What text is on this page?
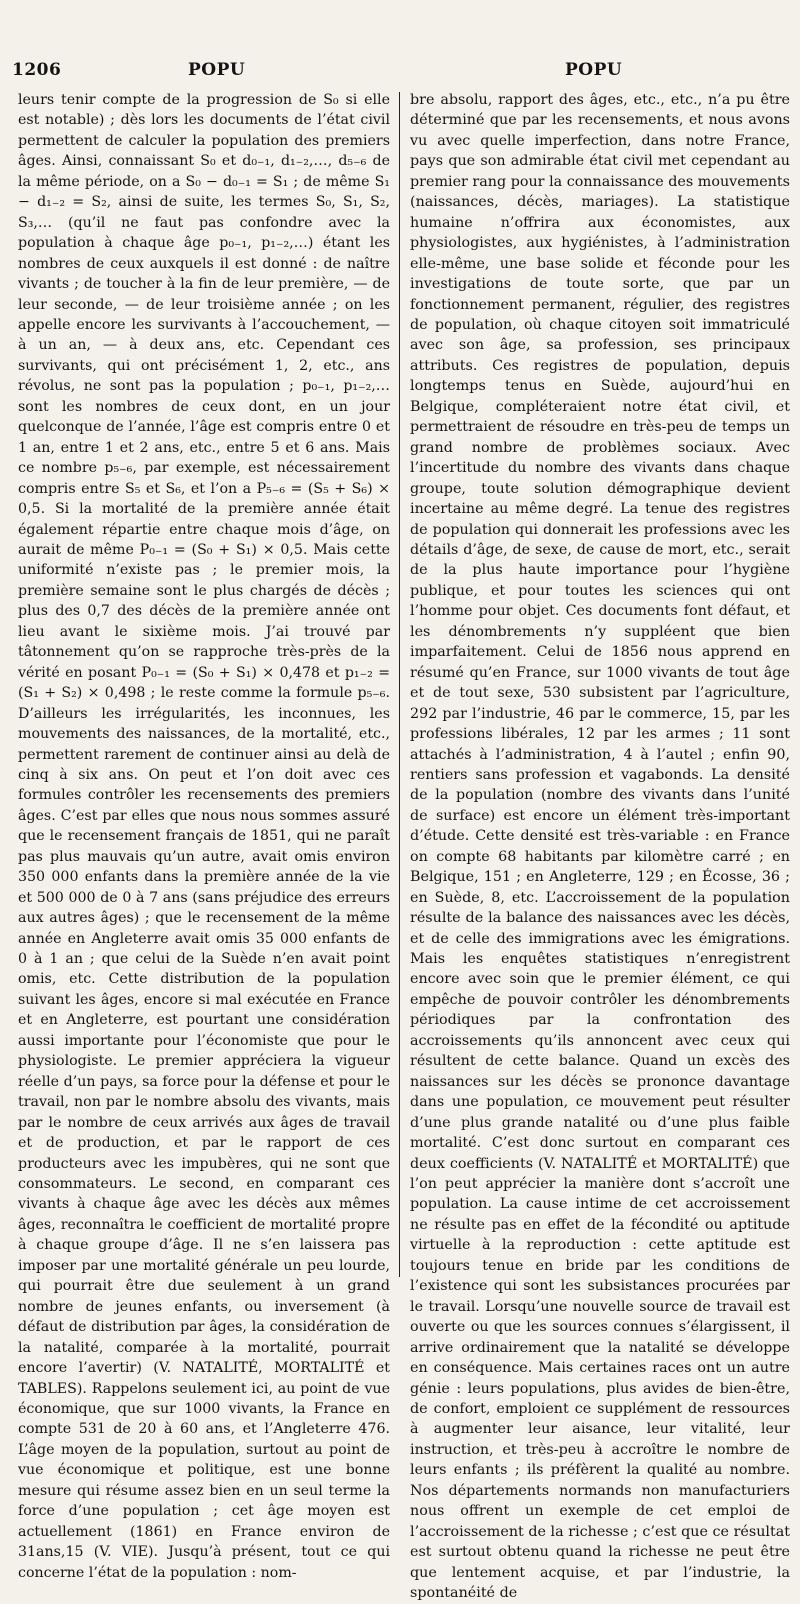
1206	POPU	POPU
leurs tenir compte de la progression de S₀ si elle est notable) ; dès lors les documents de l’état civil permettent de calculer la population des premiers âges. Ainsi, connaissant S₀ et d₀₋₁, d₁₋₂,…, d₅₋₆ de la même période, on a S₀ − d₀₋₁ = S₁ ; de même S₁ − d₁₋₂ = S₂, ainsi de suite, les termes S₀, S₁, S₂, S₃,… (qu’il ne faut pas confondre avec la population à chaque âge p₀₋₁, p₁₋₂,…) étant les nombres de ceux auxquels il est donné : de naître vivants ; de toucher à la fin de leur première, — de leur seconde, — de leur troisième année ; on les appelle encore les survivants à l’accouchement, — à un an, — à deux ans, etc. Cependant ces survivants, qui ont précisément 1, 2, etc., ans révolus, ne sont pas la population ; p₀₋₁, p₁₋₂,… sont les nombres de ceux dont, en un jour quelconque de l’année, l’âge est compris entre 0 et 1 an, entre 1 et 2 ans, etc., entre 5 et 6 ans. Mais ce nombre p₅₋₆, par exemple, est nécessairement compris entre S₅ et S₆, et l’on a P₅₋₆ = (S₅ + S₆) × 0,5. Si la mortalité de la première année était également répartie entre chaque mois d’âge, on aurait de même P₀₋₁ = (S₀ + S₁) × 0,5. Mais cette uniformité n’existe pas ; le premier mois, la première semaine sont le plus chargés de décès ; plus des 0,7 des décès de la première année ont lieu avant le sixième mois. J’ai trouvé par tâtonnement qu’on se rapproche très-près de la vérité en posant P₀₋₁ = (S₀ + S₁) × 0,478 et p₁₋₂ = (S₁ + S₂) × 0,498 ; le reste comme la formule p₅₋₆. D’ailleurs les irrégularités, les inconnues, les mouvements des naissances, de la mortalité, etc., permettent rarement de continuer ainsi au delà de cinq à six ans. On peut et l’on doit avec ces formules contrôler les recensements des premiers âges. C’est par elles que nous nous sommes assuré que le recensement français de 1851, qui ne paraît pas plus mauvais qu’un autre, avait omis environ 350 000 enfants dans la première année de la vie et 500 000 de 0 à 7 ans (sans préjudice des erreurs aux autres âges) ; que le recensement de la même année en Angleterre avait omis 35 000 enfants de 0 à 1 an ; que celui de la Suède n’en avait point omis, etc. Cette distribution de la population suivant les âges, encore si mal exécutée en France et en Angleterre, est pourtant une considération aussi importante pour l’économiste que pour le physiologiste. Le premier appréciera la vigueur réelle d’un pays, sa force pour la défense et pour le travail, non par le nombre absolu des vivants, mais par le nombre de ceux arrivés aux âges de travail et de production, et par le rapport de ces producteurs avec les impubères, qui ne sont que consommateurs. Le second, en comparant ces vivants à chaque âge avec les décès aux mêmes âges, reconnaîtra le coefficient de mortalité propre à chaque groupe d’âge. Il ne s’en laissera pas imposer par une mortalité générale un peu lourde, qui pourrait être due seulement à un grand nombre de jeunes enfants, ou inversement (à défaut de distribution par âges, la considération de la natalité, comparée à la mortalité, pourrait encore l’avertir) (V. NATALITÉ, MORTALITÉ et TABLES). Rappelons seulement ici, au point de vue économique, que sur 1000 vivants, la France en compte 531 de 20 à 60 ans, et l’Angleterre 476. L’âge moyen de la population, surtout au point de vue économique et politique, est une bonne mesure qui résume assez bien en un seul terme la force d’une population ; cet âge moyen est actuellement (1861) en France environ de 31ans,15 (V. VIE). Jusqu’à présent, tout ce qui concerne l’état de la population : nom-
bre absolu, rapport des âges, etc., etc., n’a pu être déterminé que par les recensements, et nous avons vu avec quelle imperfection, dans notre France, pays que son admirable état civil met cependant au premier rang pour la connaissance des mouvements (naissances, décès, mariages). La statistique humaine n’offrira aux économistes, aux physiologistes, aux hygiénistes, à l’administration elle-même, une base solide et féconde pour les investigations de toute sorte, que par un fonctionnement permanent, régulier, des registres de population, où chaque citoyen soit immatriculé avec son âge, sa profession, ses principaux attributs. Ces registres de population, depuis longtemps tenus en Suède, aujourd’hui en Belgique, compléteraient notre état civil, et permettraient de résoudre en très-peu de temps un grand nombre de problèmes sociaux. Avec l’incertitude du nombre des vivants dans chaque groupe, toute solution démographique devient incertaine au même degré. La tenue des registres de population qui donnerait les professions avec les détails d’âge, de sexe, de cause de mort, etc., serait de la plus haute importance pour l’hygiène publique, et pour toutes les sciences qui ont l’homme pour objet. Ces documents font défaut, et les dénombrements n’y suppléent que bien imparfaitement. Celui de 1856 nous apprend en résumé qu’en France, sur 1000 vivants de tout âge et de tout sexe, 530 subsistent par l’agriculture, 292 par l’industrie, 46 par le commerce, 15, par les professions libérales, 12 par les armes ; 11 sont attachés à l’administration, 4 à l’autel ; enfin 90, rentiers sans profession et vagabonds. La densité de la population (nombre des vivants dans l’unité de surface) est encore un élément très-important d’étude. Cette densité est très-variable : en France on compte 68 habitants par kilomètre carré ; en Belgique, 151 ; en Angleterre, 129 ; en Écosse, 36 ; en Suède, 8, etc. L’accroissement de la population résulte de la balance des naissances avec les décès, et de celle des immigrations avec les émigrations. Mais les enquêtes statistiques n’enregistrent encore avec soin que le premier élément, ce qui empêche de pouvoir contrôler les dénombrements périodiques par la confrontation des accroissements qu’ils annoncent avec ceux qui résultent de cette balance. Quand un excès des naissances sur les décès se prononce davantage dans une population, ce mouvement peut résulter d’une plus grande natalité ou d’une plus faible mortalité. C’est donc surtout en comparant ces deux coefficients (V. NATALITÉ et MORTALITÉ) que l’on peut apprécier la manière dont s’accroît une population. La cause intime de cet accroissement ne résulte pas en effet de la fécondité ou aptitude virtuelle à la reproduction : cette aptitude est toujours tenue en bride par les conditions de l’existence qui sont les subsistances procurées par le travail. Lorsqu’une nouvelle source de travail est ouverte ou que les sources connues s’élargissent, il arrive ordinairement que la natalité se développe en conséquence. Mais certaines races ont un autre génie : leurs populations, plus avides de bien-être, de confort, emploient ce supplément de ressources à augmenter leur aisance, leur vitalité, leur instruction, et très-peu à accroître le nombre de leurs enfants ; ils préfèrent la qualité au nombre. Nos départements normands non manufacturiers nous offrent un exemple de cet emploi de l’accroissement de la richesse ; c’est que ce résultat est surtout obtenu quand la richesse ne peut être que lentement acquise, et par l’industrie, la spontanéité de
